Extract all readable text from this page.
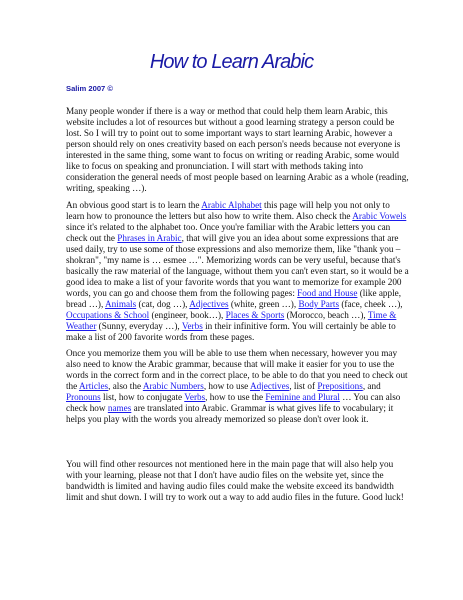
How to Learn Arabic
Salim 2007 ©

Many people wonder if there is a way or method that could help them learn Arabic, this website includes a lot of resources but without a good learning strategy a person could be lost. So I will try to point out to some important ways to start learning Arabic, however a person should rely on ones creativity based on each person's needs because not everyone is interested in the same thing, some want to focus on writing or reading Arabic, some would like to focus on speaking and pronunciation. I will start with methods taking into consideration the general needs of most people based on learning Arabic as a whole (reading, writing, speaking …).

An obvious good start is to learn the Arabic Alphabet this page will help you not only to learn how to pronounce the letters but also how to write them. Also check the Arabic Vowels since it's related to the alphabet too. Once you're familiar with the Arabic letters you can check out the Phrases in Arabic, that will give you an idea about some expressions that are used daily, try to use some of those expressions and also memorize them, like "thank you – shokran", "my name is … esmee …". Memorizing words can be very useful, because that's basically the raw material of the language, without them you can't even start, so it would be a good idea to make a list of your favorite words that you want to memorize for example 200 words, you can go and choose them from the following pages: Food and House (like apple, bread …), Animals (cat, dog …), Adjectives (white, green …), Body Parts (face, cheek …), Occupations & School (engineer, book…), Places & Sports (Morocco, beach …), Time & Weather (Sunny, everyday …), Verbs in their infinitive form. You will certainly be able to make a list of 200 favorite words from these pages.

Once you memorize them you will be able to use them when necessary, however you may also need to know the Arabic grammar, because that will make it easier for you to use the words in the correct form and in the correct place, to be able to do that you need to check out the Articles, also the Arabic Numbers, how to use Adjectives, list of Prepositions, and Pronouns list, how to conjugate Verbs, how to use the Feminine and Plural … You can also check how names are translated into Arabic. Grammar is what gives life to vocabulary; it helps you play with the words you already memorized so please don't over look it.

You will find other resources not mentioned here in the main page that will also help you with your learning, please not that I don't have audio files on the website yet, since the bandwidth is limited and having audio files could make the website exceed its bandwidth limit and shut down. I will try to work out a way to add audio files in the future. Good luck!
